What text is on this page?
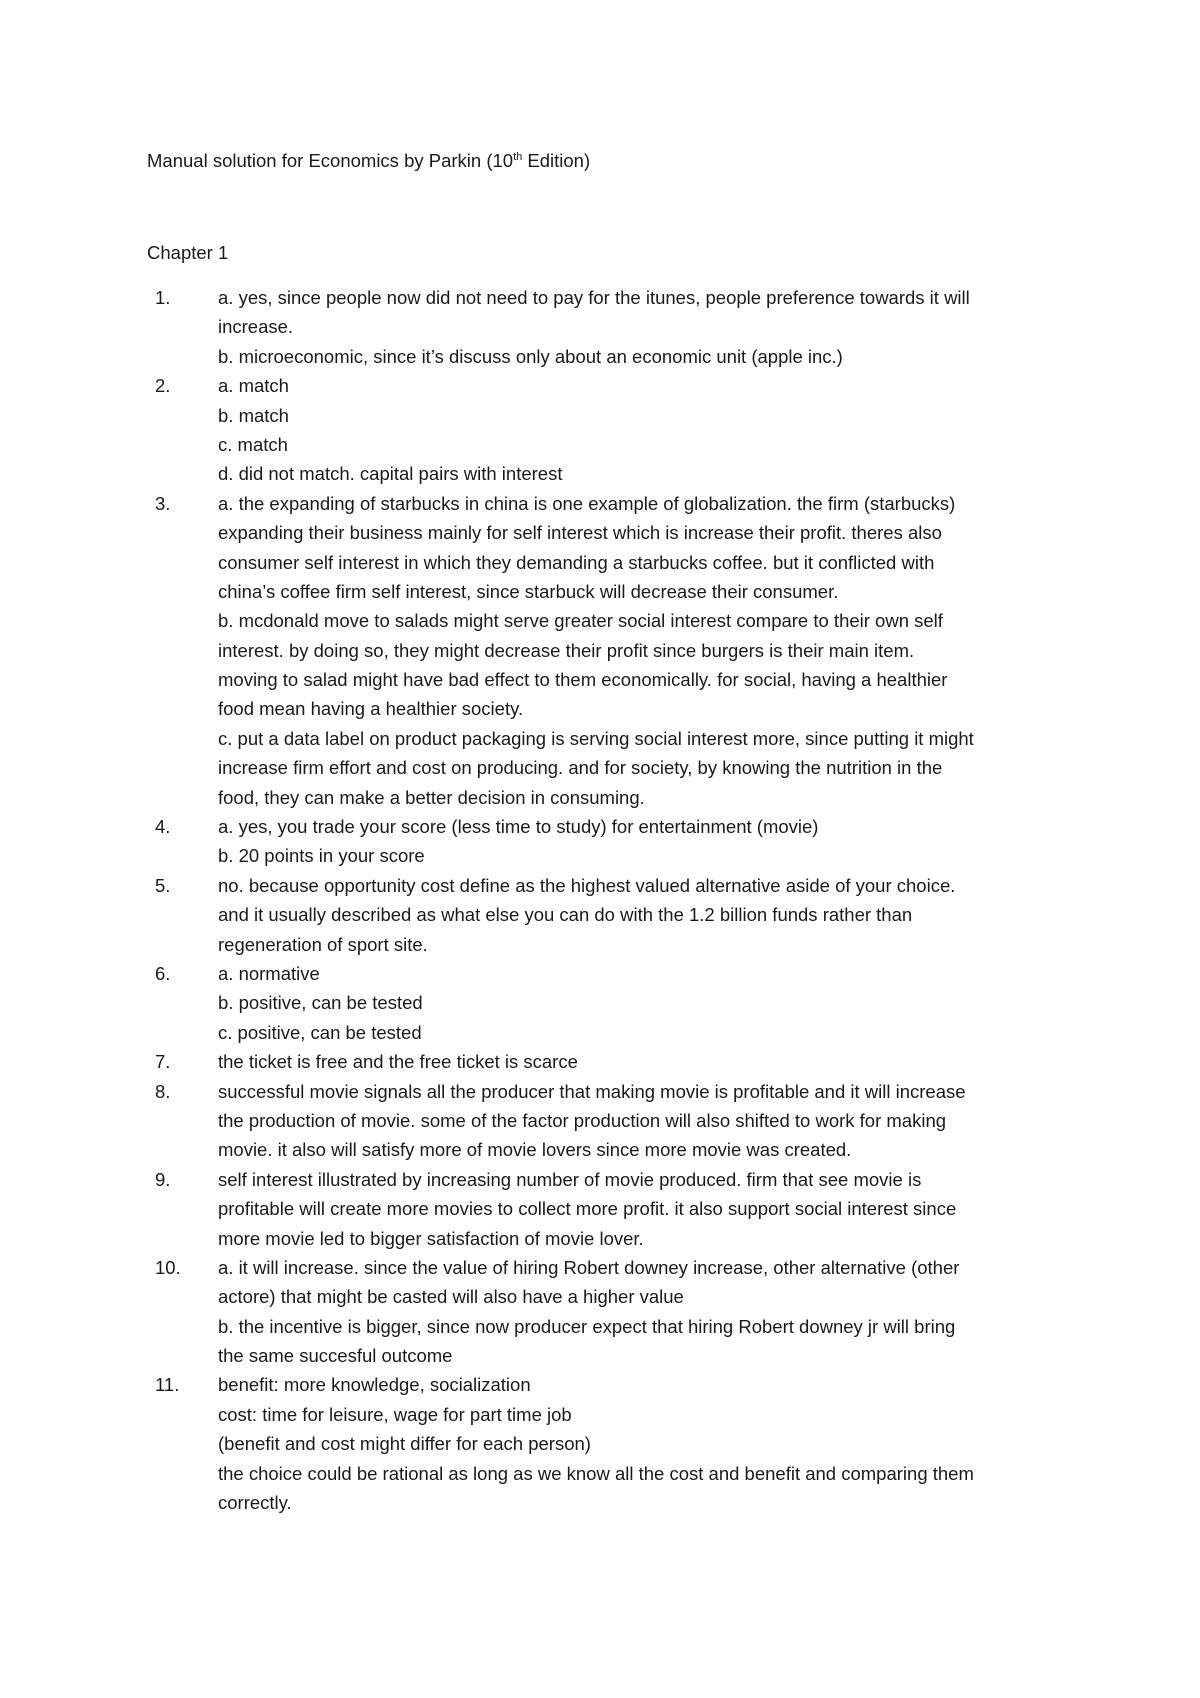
Manual solution for Economics by Parkin (10th Edition)
Chapter 1
1.	a. yes, since people now did not need to pay for the itunes, people preference towards it will
increase.
b. microeconomic, since it’s discuss only about an economic unit (apple inc.)
2.	a. match
b. match
c. match
d. did not match. capital pairs with interest
3.	a. the expanding of starbucks in china is one example of globalization. the firm (starbucks)
expanding their business mainly for self interest which is increase their profit. theres also
consumer self interest in which they demanding a starbucks coffee. but it conflicted with
china’s coffee firm self interest, since starbuck will decrease their consumer.
b. mcdonald move to salads might serve greater social interest compare to their own self
interest. by doing so, they might decrease their profit since burgers is their main item.
moving to salad might have bad effect to them economically. for social, having a healthier
food mean having a healthier society.
c. put a data label on product packaging is serving social interest more, since putting it might
increase firm effort and cost on producing. and for society, by knowing the nutrition in the
food, they can make a better decision in consuming.
4.	a. yes, you trade your score (less time to study) for entertainment (movie)
b. 20 points in your score
5.	no. because opportunity cost define as the highest valued alternative aside of your choice.
and it usually described as what else you can do with the 1.2 billion funds rather than
regeneration of sport site.
6.	a. normative
b. positive, can be tested
c. positive, can be tested
7.	the ticket is free and the free ticket is scarce
8.	successful movie signals all the producer that making movie is profitable and it will increase
the production of movie. some of the factor production will also shifted to work for making
movie. it also will satisfy more of movie lovers since more movie was created.
9.	self interest illustrated by increasing number of movie produced. firm that see movie is
profitable will create more movies to collect more profit. it also support social interest since
more movie led to bigger satisfaction of movie lover.
10.	a. it will increase. since the value of hiring Robert downey increase, other alternative (other
actore) that might be casted will also have a higher value
b. the incentive is bigger, since now producer expect that hiring Robert downey jr will bring
the same succesful outcome
11.	benefit: more knowledge, socialization
cost: time for leisure, wage for part time job
(benefit and cost might differ for each person)
the choice could be rational as long as we know all the cost and benefit and comparing them
correctly.
